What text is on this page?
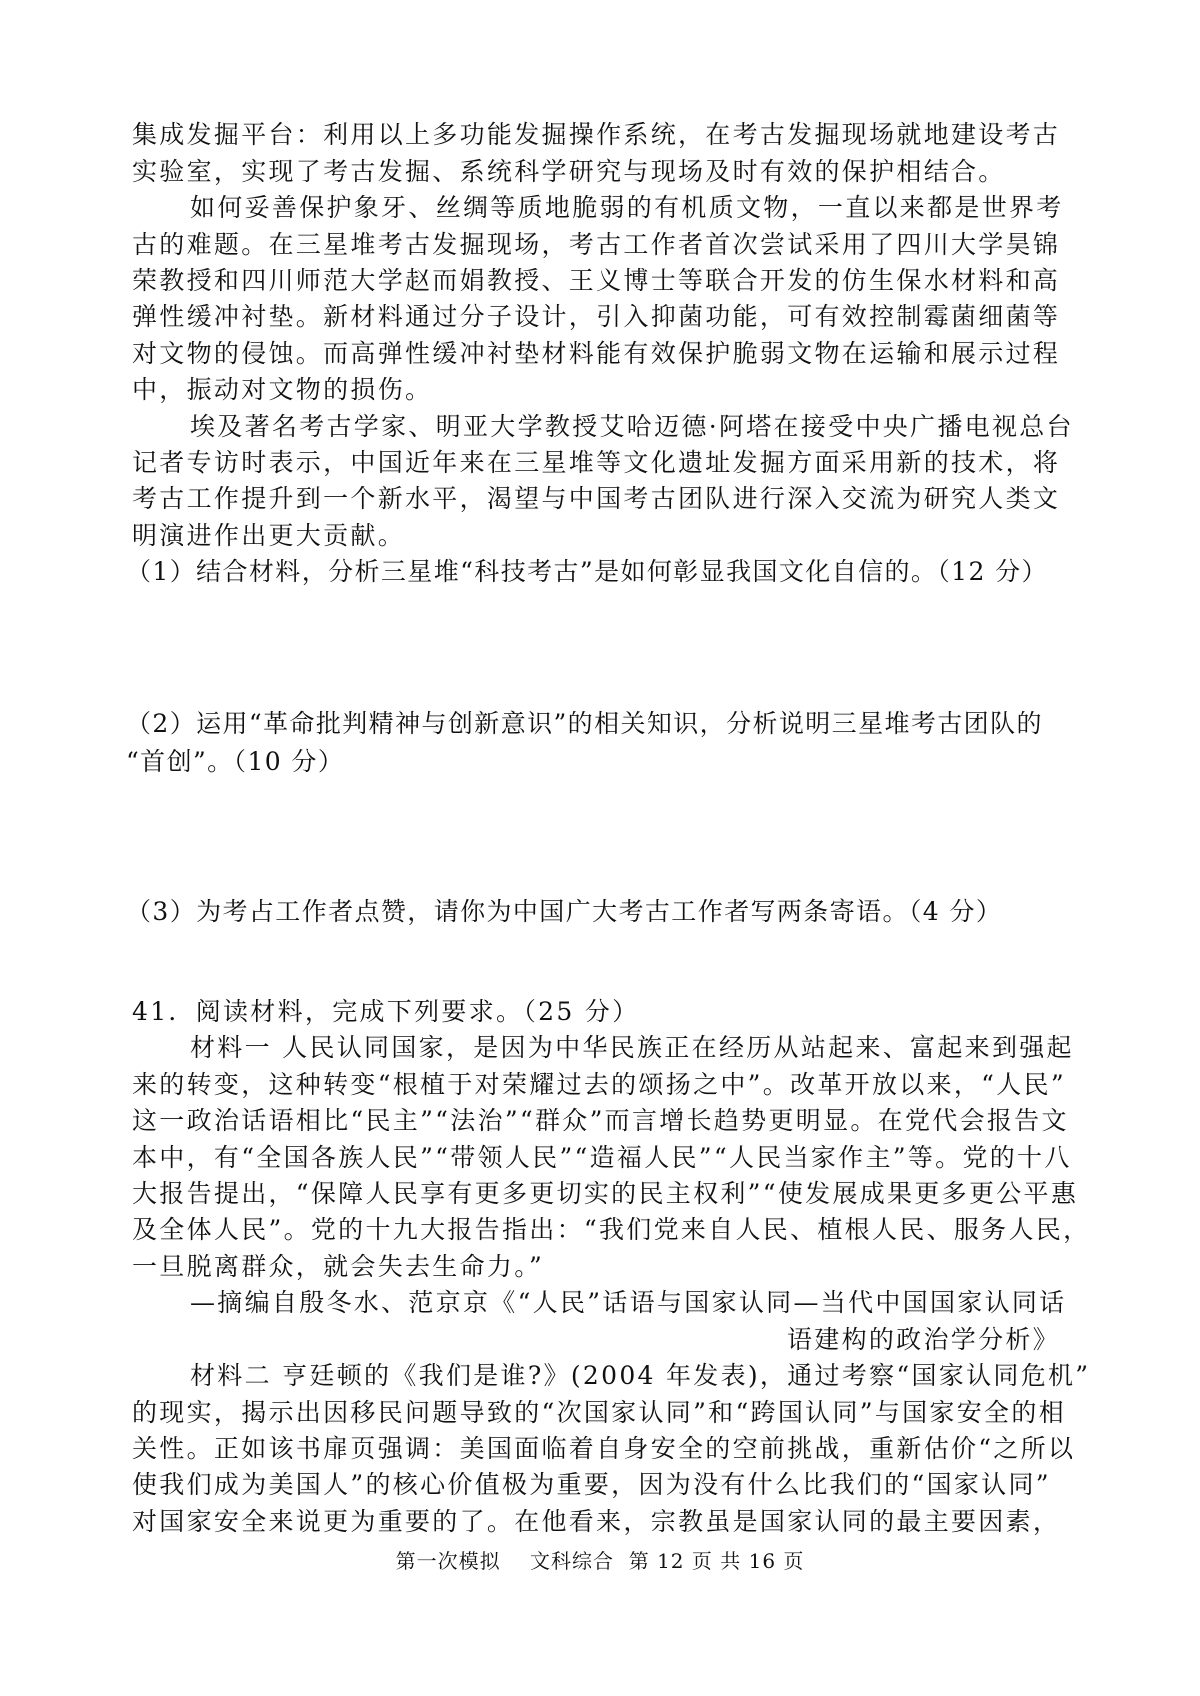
集成发掘平台：利用以上多功能发掘操作系统，在考古发掘现场就地建设考古
实验室，实现了考古发掘、系统科学研究与现场及时有效的保护相结合。
如何妥善保护象牙、丝绸等质地脆弱的有机质文物，一直以来都是世界考
古的难题。在三星堆考古发掘现场，考古工作者首次尝试采用了四川大学昊锦
荣教授和四川师范大学赵而娟教授、王义博士等联合开发的仿生保水材料和高
弹性缓冲衬垫。新材料通过分子设计，引入抑菌功能，可有效控制霉菌细菌等
对文物的侵蚀。而高弹性缓冲衬垫材料能有效保护脆弱文物在运输和展示过程
中，振动对文物的损伤。
埃及著名考古学家、明亚大学教授艾哈迈德·阿塔在接受中央广播电视总台
记者专访时表示，中国近年来在三星堆等文化遗址发掘方面采用新的技术，将
考古工作提升到一个新水平，渴望与中国考古团队进行深入交流为研究人类文
明演进作出更大贡献。
（1）结合材料，分析三星堆“科技考古”是如何彰显我国文化自信的。（12 分）
（2）运用“革命批判精神与创新意识”的相关知识，分析说明三星堆考古团队的
“首创”。（10 分）
（3）为考占工作者点赞，请你为中国广大考古工作者写两条寄语。（4 分）
41．阅读材料，完成下列要求。（25 分）
材料一 人民认同国家，是因为中华民族正在经历从站起来、富起来到强起
来的转变，这种转变“根植于对荣耀过去的颂扬之中”。改革开放以来，“人民”
这一政治话语相比“民主”“法治”“群众”而言增长趋势更明显。在党代会报告文
本中，有“全国各族人民”“带领人民”“造福人民”“人民当家作主”等。党的十八
大报告提出，“保障人民享有更多更切实的民主权利”“使发展成果更多更公平惠
及全体人民”。党的十九大报告指出：“我们党来自人民、植根人民、服务人民，
一旦脱离群众，就会失去生命力。”
—摘编自殷冬水、范京京《“人民”话语与国家认同—当代中国国家认同话
语建构的政治学分析》
材料二 亨廷顿的《我们是谁?》(2004 年发表)，通过考察“国家认同危机”
的现实，揭示出因移民问题导致的“次国家认同”和“跨国认同”与国家安全的相
关性。正如该书扉页强调：美国面临着自身安全的空前挑战，重新估价“之所以
使我们成为美国人”的核心价值极为重要，因为没有什么比我们的“国家认同”
对国家安全来说更为重要的了。在他看来，宗教虽是国家认同的最主要因素，
第一次模拟    文科综合  第 12 页 共 16 页
